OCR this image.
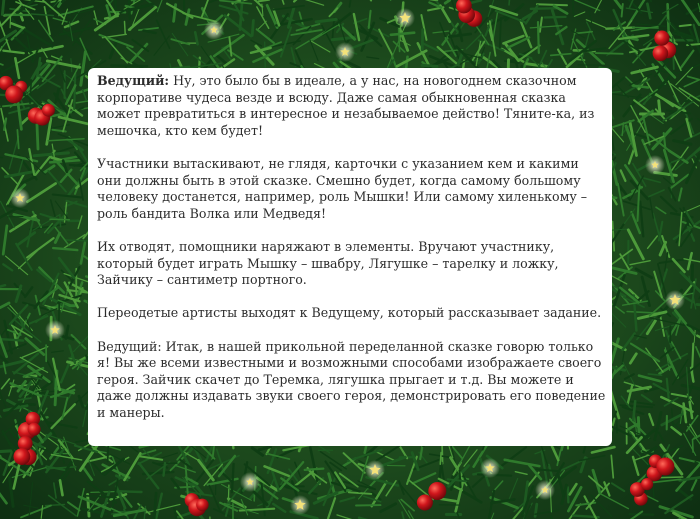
Ведущий: Ну, это было бы в идеале, а у нас, на новогоднем сказочном корпоративе чудеса везде и всюду. Даже самая обыкновенная сказка может превратиться в интересное и незабываемое действо! Тяните-ка, из мешочка, кто кем будет!

Участники вытаскивают, не глядя, карточки с указанием кем и какими они должны быть в этой сказке. Смешно будет, когда самому большому человеку достанется, например, роль Мышки! Или самому хиленькому – роль бандита Волка или Медведя!

Их отводят, помощники наряжают в элементы. Вручают участнику, который будет играть Мышку – швабру, Лягушке – тарелку и ложку, Зайчику – сантиметр портного.

Переодетые артисты выходят к Ведущему, который рассказывает задание.

Ведущий: Итак, в нашей прикольной переделанной сказке говорю только я! Вы же всеми известными и возможными способами изображаете своего героя. Зайчик скачет до Теремка, лягушка прыгает и т.д. Вы можете и даже должны издавать звуки своего героя, демонстрировать его поведение и манеры.
